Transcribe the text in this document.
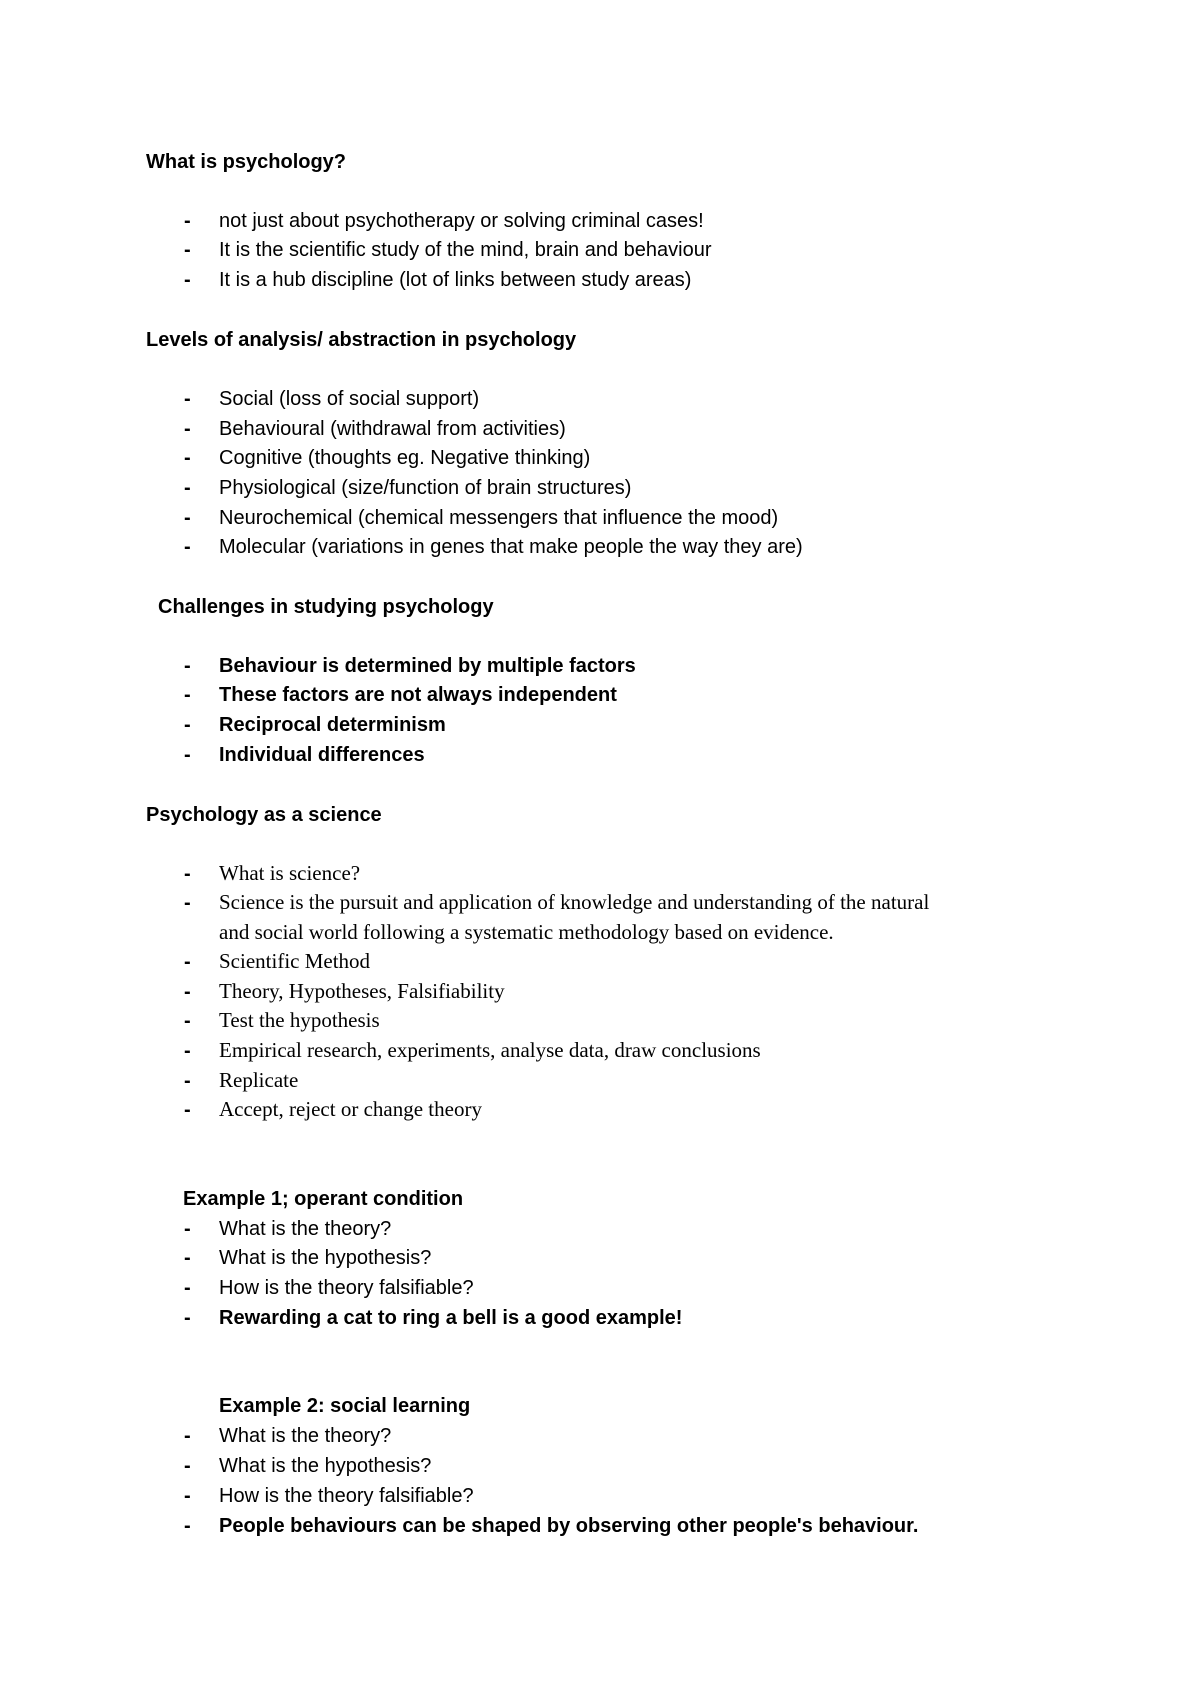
What is psychology?
- not just about psychotherapy or solving criminal cases!
- It is the scientific study of the mind, brain and behaviour
- It is a hub discipline (lot of links between study areas)
Levels of analysis/ abstraction in psychology
- Social (loss of social support)
- Behavioural (withdrawal from activities)
- Cognitive (thoughts eg. Negative thinking)
- Physiological (size/function of brain structures)
- Neurochemical (chemical messengers that influence the mood)
- Molecular (variations in genes that make people the way they are)
Challenges in studying psychology
- Behaviour is determined by multiple factors
- These factors are not always independent
- Reciprocal determinism
- Individual differences
Psychology as a science
- What is science?
- Science is the pursuit and application of knowledge and understanding of the natural
and social world following a systematic methodology based on evidence.
- Scientific Method
- Theory, Hypotheses, Falsifiability
- Test the hypothesis
- Empirical research, experiments, analyse data, draw conclusions
- Replicate
- Accept, reject or change theory
Example 1; operant condition
- What is the theory?
- What is the hypothesis?
- How is the theory falsifiable?
- Rewarding a cat to ring a bell is a good example!
Example 2: social learning
- What is the theory?
- What is the hypothesis?
- How is the theory falsifiable?
- People behaviours can be shaped by observing other people's behaviour.
